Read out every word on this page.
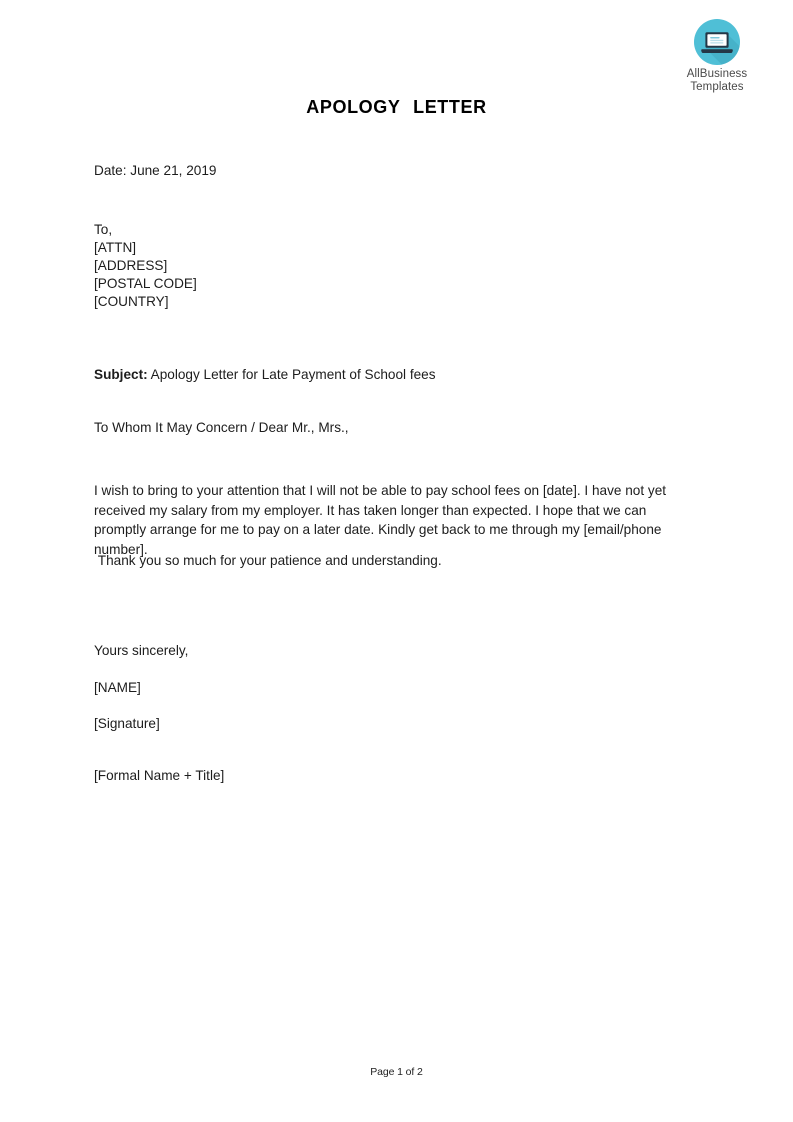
AllBusiness
Templates
APOLOGY LETTER
Date: June 21, 2019
To,
[ATTN]
[ADDRESS]
[POSTAL CODE]
[COUNTRY]
Subject: Apology Letter for Late Payment of School fees
To Whom It May Concern / Dear Mr., Mrs.,
I wish to bring to your attention that I will not be able to pay school fees on [date]. I have not yet received my salary from my employer. It has taken longer than expected. I hope that we can promptly arrange for me to pay on a later date. Kindly get back to me through my [email/phone number].
Thank you so much for your patience and understanding.
Yours sincerely,
[NAME]
[Signature]
[Formal Name + Title]
Page 1 of 2
